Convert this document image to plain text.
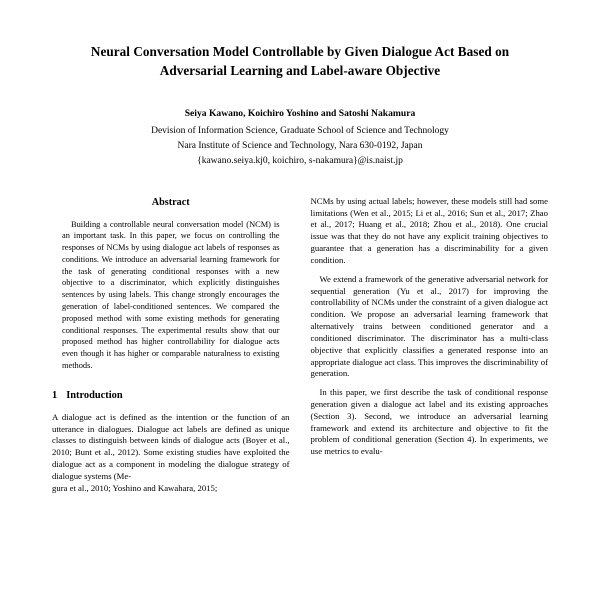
Neural Conversation Model Controllable by Given Dialogue Act Based on Adversarial Learning and Label-aware Objective
Seiya Kawano, Koichiro Yoshino and Satoshi Nakamura
Devision of Information Science, Graduate School of Science and Technology
Nara Institute of Science and Technology, Nara 630-0192, Japan
{kawano.seiya.kj0, koichiro, s-nakamura}@is.naist.jp
Abstract

Building a controllable neural conversation model (NCM) is an important task. In this paper, we focus on controlling the responses of NCMs by using dialogue act labels of responses as conditions. We introduce an adversarial learning framework for the task of generating conditional responses with a new objective to a discriminator, which explicitly distinguishes sentences by using labels. This change strongly encourages the generation of label-conditioned sentences. We compared the proposed method with some existing methods for generating conditional responses. The experimental results show that our proposed method has higher controllability for dialogue acts even though it has higher or comparable naturalness to existing methods.

1 Introduction

A dialogue act is defined as the intention or the function of an utterance in dialogues. Dialogue act labels are defined as unique classes to distinguish between kinds of dialogue acts (Boyer et al., 2010; Bunt et al., 2012). Some existing studies have exploited the dialogue act as a component in modeling the dialogue strategy of dialogue systems (Me-

gura et al., 2010; Yoshino and Kawahara, 2015;

NCMs by using actual labels; however, these models still had some limitations (Wen et al., 2015; Li et al., 2016; Sun et al., 2017; Zhao et al., 2017; Huang et al., 2018; Zhou et al., 2018). One crucial issue was that they do not have any explicit training objectives to guarantee that a generation has a discriminability for a given condition.

We extend a framework of the generative adversarial network for sequential generation (Yu et al., 2017) for improving the controllability of NCMs under the constraint of a given dialogue act condition. We propose an adversarial learning framework that alternatively trains between conditioned generator and a conditioned discriminator. The discriminator has a multi-class objective that explicitly classifies a generated response into an appropriate dialogue act class. This improves the discriminability of generation.

In this paper, we first describe the task of conditional response generation given a dialogue act label and its existing approaches (Section 3). Second, we introduce an adversarial learning framework and extend its architecture and objective to fit the problem of conditional generation (Section 4). In experiments, we use metrics to evalu-
